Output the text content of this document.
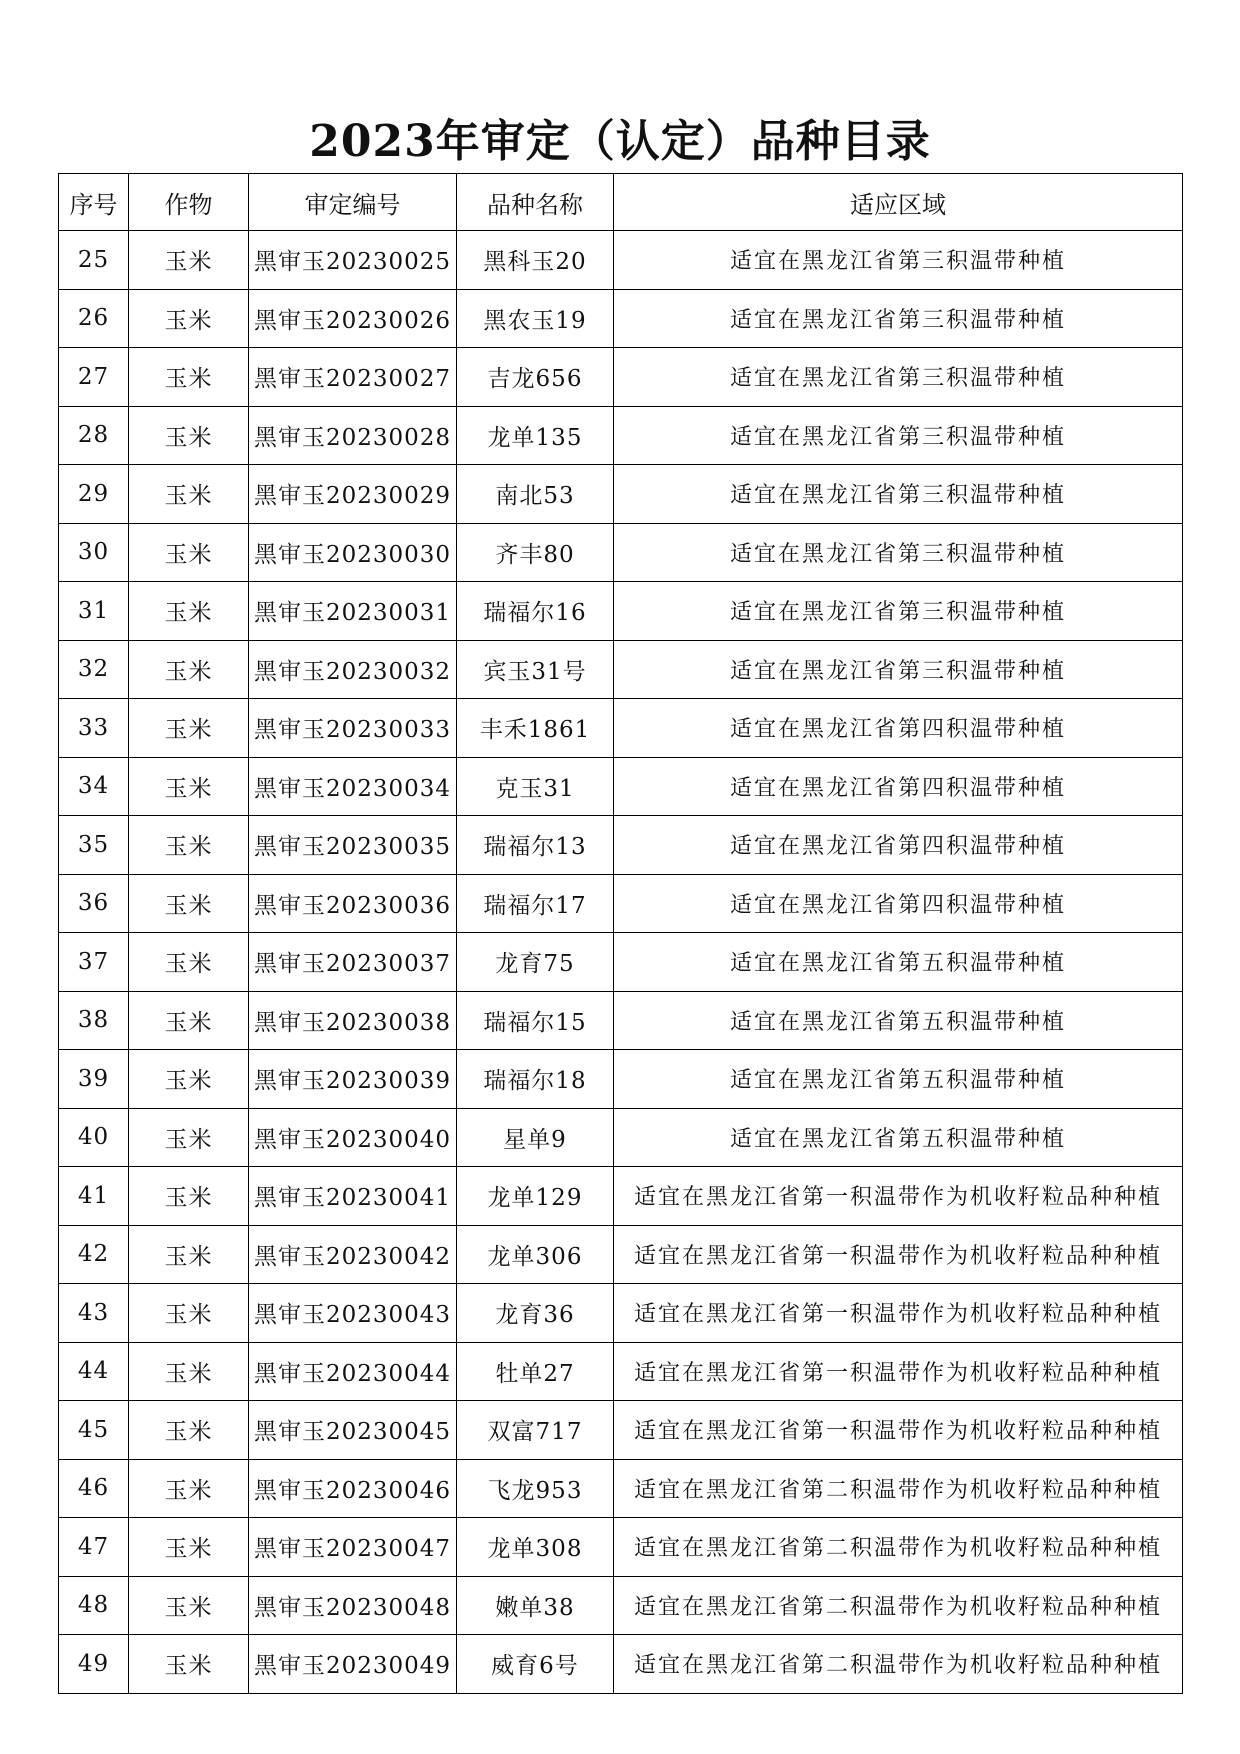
2023年审定（认定）品种目录
序号	作物	审定编号	品种名称	适应区域
25	玉米	黑审玉20230025	黑科玉20	适宜在黑龙江省第三积温带种植
26	玉米	黑审玉20230026	黑农玉19	适宜在黑龙江省第三积温带种植
27	玉米	黑审玉20230027	吉龙656	适宜在黑龙江省第三积温带种植
28	玉米	黑审玉20230028	龙单135	适宜在黑龙江省第三积温带种植
29	玉米	黑审玉20230029	南北53	适宜在黑龙江省第三积温带种植
30	玉米	黑审玉20230030	齐丰80	适宜在黑龙江省第三积温带种植
31	玉米	黑审玉20230031	瑞福尔16	适宜在黑龙江省第三积温带种植
32	玉米	黑审玉20230032	宾玉31号	适宜在黑龙江省第三积温带种植
33	玉米	黑审玉20230033	丰禾1861	适宜在黑龙江省第四积温带种植
34	玉米	黑审玉20230034	克玉31	适宜在黑龙江省第四积温带种植
35	玉米	黑审玉20230035	瑞福尔13	适宜在黑龙江省第四积温带种植
36	玉米	黑审玉20230036	瑞福尔17	适宜在黑龙江省第四积温带种植
37	玉米	黑审玉20230037	龙育75	适宜在黑龙江省第五积温带种植
38	玉米	黑审玉20230038	瑞福尔15	适宜在黑龙江省第五积温带种植
39	玉米	黑审玉20230039	瑞福尔18	适宜在黑龙江省第五积温带种植
40	玉米	黑审玉20230040	星单9	适宜在黑龙江省第五积温带种植
41	玉米	黑审玉20230041	龙单129	适宜在黑龙江省第一积温带作为机收籽粒品种种植
42	玉米	黑审玉20230042	龙单306	适宜在黑龙江省第一积温带作为机收籽粒品种种植
43	玉米	黑审玉20230043	龙育36	适宜在黑龙江省第一积温带作为机收籽粒品种种植
44	玉米	黑审玉20230044	牡单27	适宜在黑龙江省第一积温带作为机收籽粒品种种植
45	玉米	黑审玉20230045	双富717	适宜在黑龙江省第一积温带作为机收籽粒品种种植
46	玉米	黑审玉20230046	飞龙953	适宜在黑龙江省第二积温带作为机收籽粒品种种植
47	玉米	黑审玉20230047	龙单308	适宜在黑龙江省第二积温带作为机收籽粒品种种植
48	玉米	黑审玉20230048	嫩单38	适宜在黑龙江省第二积温带作为机收籽粒品种种植
49	玉米	黑审玉20230049	威育6号	适宜在黑龙江省第二积温带作为机收籽粒品种种植
